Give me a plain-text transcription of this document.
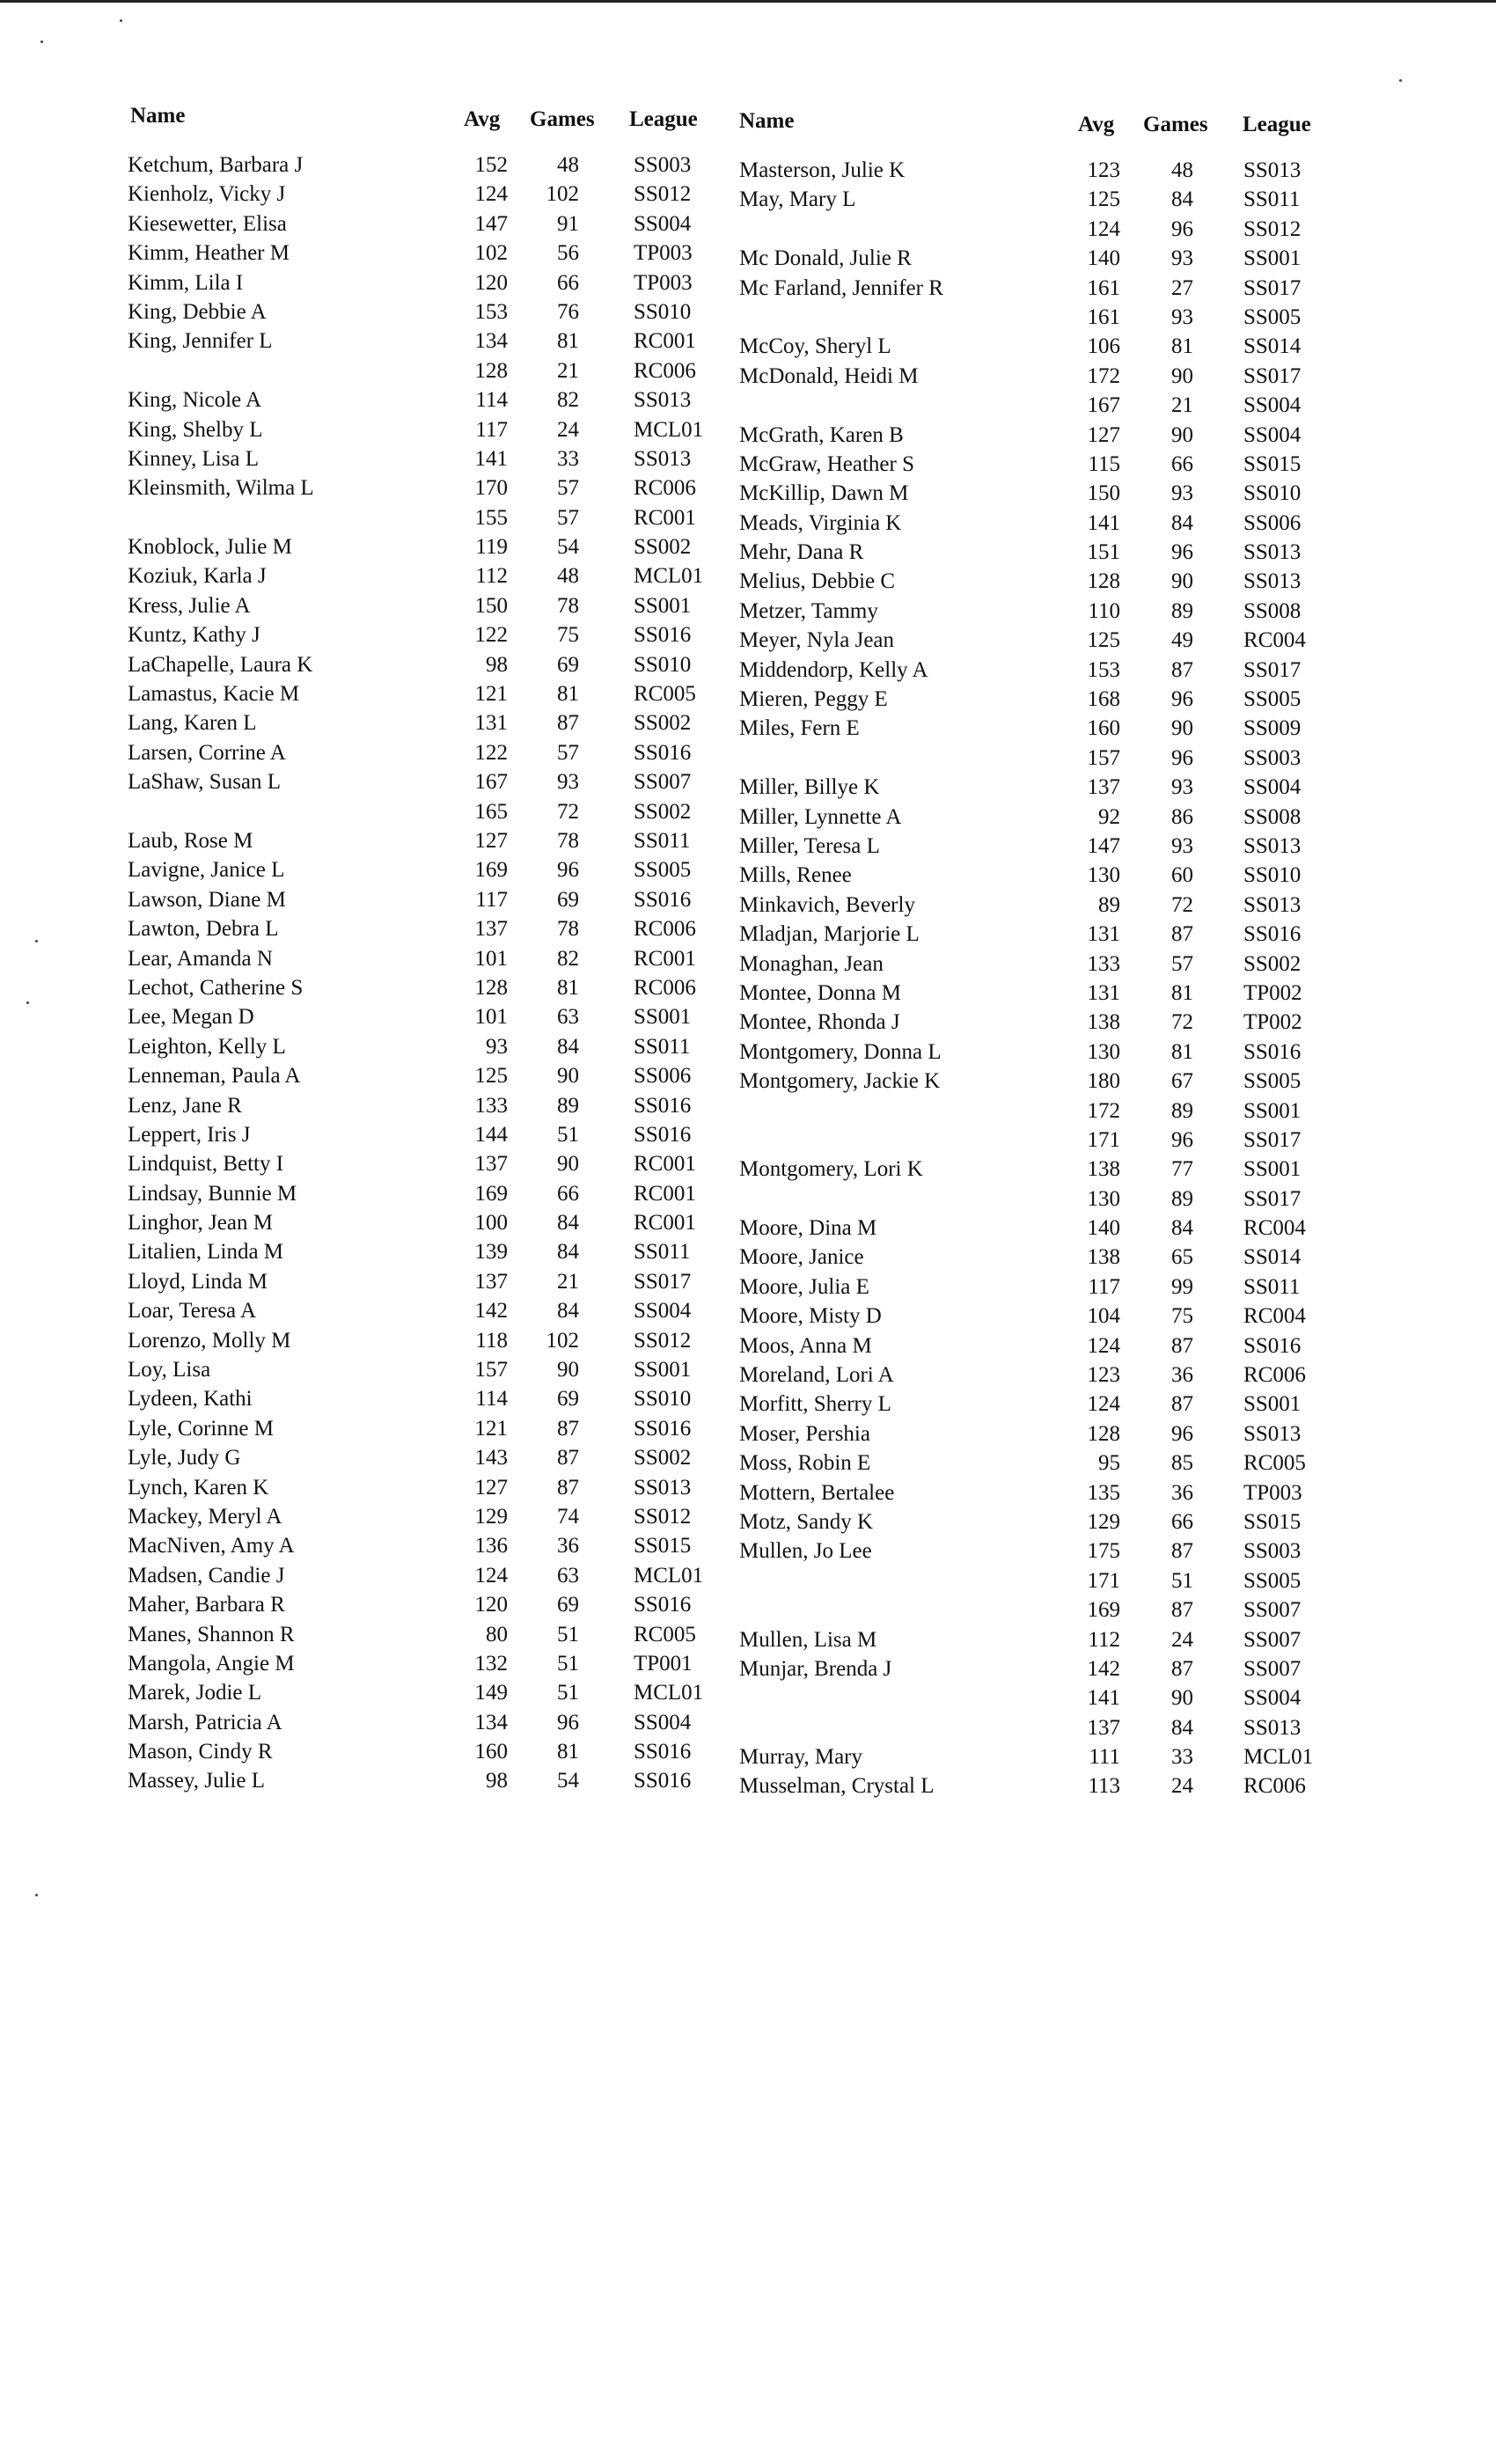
Name	Avg Games League
Ketchum, Barbara J	152	48 SS003
Kienholz, Vicky J	124	102 SS012
Kiesewetter, Elisa	147	91 SS004
Kimm, Heather M	102	56 TP003
Kimm, Lila I	120	66 TP003
King, Debbie A	153	76 SS010
King, Jennifer L	134	81 RC001
128	21 RC006
King, Nicole A	114	82 SS013
King, Shelby L	117	24 MCL01
Kinney, Lisa L	141	33 SS013
Kleinsmith, Wilma L	170	57 RC006
155	57 RC001
Knoblock, Julie M	119	54 SS002
Koziuk, Karla J	112	48 MCL01
Kress, Julie A	150	78 SS001
Kuntz, Kathy J	122	75 SS016
LaChapelle, Laura K	98	69 SS010
Lamastus, Kacie M	121	81 RC005
Lang, Karen L	131	87 SS002
Larsen, Corrine A	122	57 SS016
LaShaw, Susan L	167	93 SS007
165	72 SS002
Laub, Rose M	127	78 SS011
Lavigne, Janice L	169	96 SS005
Lawson, Diane M	117	69 SS016
Lawton, Debra L	137	78 RC006
Lear, Amanda N	101	82 RC001
Lechot, Catherine S	128	81 RC006
Lee, Megan D	101	63 SS001
Leighton, Kelly L	93	84 SS011
Lenneman, Paula A	125	90 SS006
Lenz, Jane R	133	89 SS016
Leppert, Iris J	144	51 SS016
Lindquist, Betty I	137	90 RC001
Lindsay, Bunnie M	169	66 RC001
Linghor, Jean M	100	84 RC001
Litalien, Linda M	139	84 SS011
Lloyd, Linda M	137	21 SS017
Loar, Teresa A	142	84 SS004
Lorenzo, Molly M	118	102 SS012
Loy, Lisa	157	90 SS001
Lydeen, Kathi	114	69 SS010
Lyle, Corinne M	121	87 SS016
Lyle, Judy G	143	87 SS002
Lynch, Karen K	127	87 SS013
Mackey, Meryl A	129	74 SS012
MacNiven, Amy A	136	36 SS015
Madsen, Candie J	124	63 MCL01
Maher, Barbara R	120	69 SS016
Manes, Shannon R	80	51 RC005
Mangola, Angie M	132	51 TP001
Marek, Jodie L	149	51 MCL01
Marsh, Patricia A	134	96 SS004
Mason, Cindy R	160	81 SS016
Massey, Julie L	98	54 SS016
Name	Avg Games League
Masterson, Julie K	123	48 SS013
May, Mary L	125	84 SS011
124	96 SS012
Mc Donald, Julie R	140	93 SS001
Mc Farland, Jennifer R	161	27 SS017
161	93 SS005
McCoy, Sheryl L	106	81 SS014
McDonald, Heidi M	172	90 SS017
167	21 SS004
McGrath, Karen B	127	90 SS004
McGraw, Heather S	115	66 SS015
McKillip, Dawn M	150	93 SS010
Meads, Virginia K	141	84 SS006
Mehr, Dana R	151	96 SS013
Melius, Debbie C	128	90 SS013
Metzer, Tammy	110	89 SS008
Meyer, Nyla Jean	125	49 RC004
Middendorp, Kelly A	153	87 SS017
Mieren, Peggy E	168	96 SS005
Miles, Fern E	160	90 SS009
157	96 SS003
Miller, Billye K	137	93 SS004
Miller, Lynnette A	92	86 SS008
Miller, Teresa L	147	93 SS013
Mills, Renee	130	60 SS010
Minkavich, Beverly	89	72 SS013
Mladjan, Marjorie L	131	87 SS016
Monaghan, Jean	133	57 SS002
Montee, Donna M	131	81 TP002
Montee, Rhonda J	138	72 TP002
Montgomery, Donna L	130	81 SS016
Montgomery, Jackie K	180	67 SS005
172	89 SS001
171	96 SS017
Montgomery, Lori K	138	77 SS001
130	89 SS017
Moore, Dina M	140	84 RC004
Moore, Janice	138	65 SS014
Moore, Julia E	117	99 SS011
Moore, Misty D	104	75 RC004
Moos, Anna M	124	87 SS016
Moreland, Lori A	123	36 RC006
Morfitt, Sherry L	124	87 SS001
Moser, Pershia	128	96 SS013
Moss, Robin E	95	85 RC005
Mottern, Bertalee	135	36 TP003
Motz, Sandy K	129	66 SS015
Mullen, Jo Lee	175	87 SS003
171	51 SS005
169	87 SS007
Mullen, Lisa M	112	24 SS007
Munjar, Brenda J	142	87 SS007
141	90 SS004
137	84 SS013
Murray, Mary	111	33 MCL01
Musselman, Crystal L	113	24 RC006
